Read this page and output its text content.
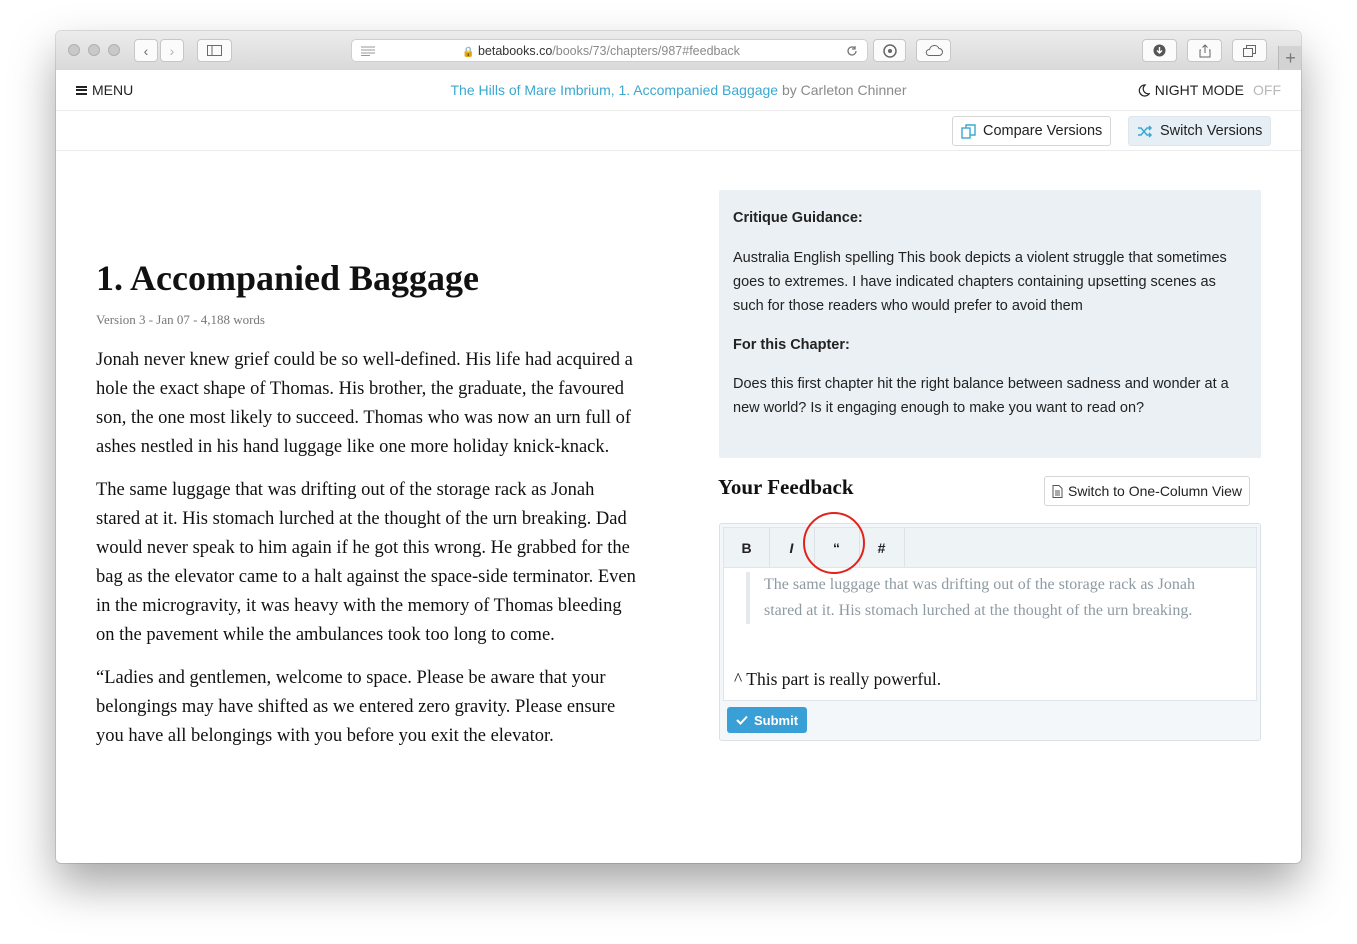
‹ ›	🔒 betabooks.co/books/73/chapters/987#feedback	+
MENU	The Hills of Mare Imbrium, 1. Accompanied Baggage by Carleton Chinner	NIGHT MODE OFF
Compare Versions	Switch Versions
1. Accompanied Baggage
Version 3 - Jan 07 - 4,188 words

Jonah never knew grief could be so well-defined. His life had acquired a hole the exact shape of Thomas. His brother, the graduate, the favoured son, the one most likely to succeed. Thomas who was now an urn full of ashes nestled in his hand luggage like one more holiday knick-knack.

The same luggage that was drifting out of the storage rack as Jonah stared at it. His stomach lurched at the thought of the urn breaking. Dad would never speak to him again if he got this wrong. He grabbed for the bag as the elevator came to a halt against the space-side terminator. Even in the microgravity, it was heavy with the memory of Thomas bleeding on the pavement while the ambulances took too long to come.

“Ladies and gentlemen, welcome to space. Please be aware that your belongings may have shifted as we entered zero gravity. Please ensure you have all belongings with you before you exit the elevator.

Critique Guidance:

Australia English spelling This book depicts a violent struggle that sometimes goes to extremes. I have indicated chapters containing upsetting scenes as such for those readers who would prefer to avoid them

For this Chapter:

Does this first chapter hit the right balance between sadness and wonder at a new world? Is it engaging enough to make you want to read on?

Your Feedback	Switch to One-Column View
B	I	“	#
The same luggage that was drifting out of the storage rack as Jonah stared at it. His stomach lurched at the thought of the urn breaking.
^ This part is really powerful.
Submit
